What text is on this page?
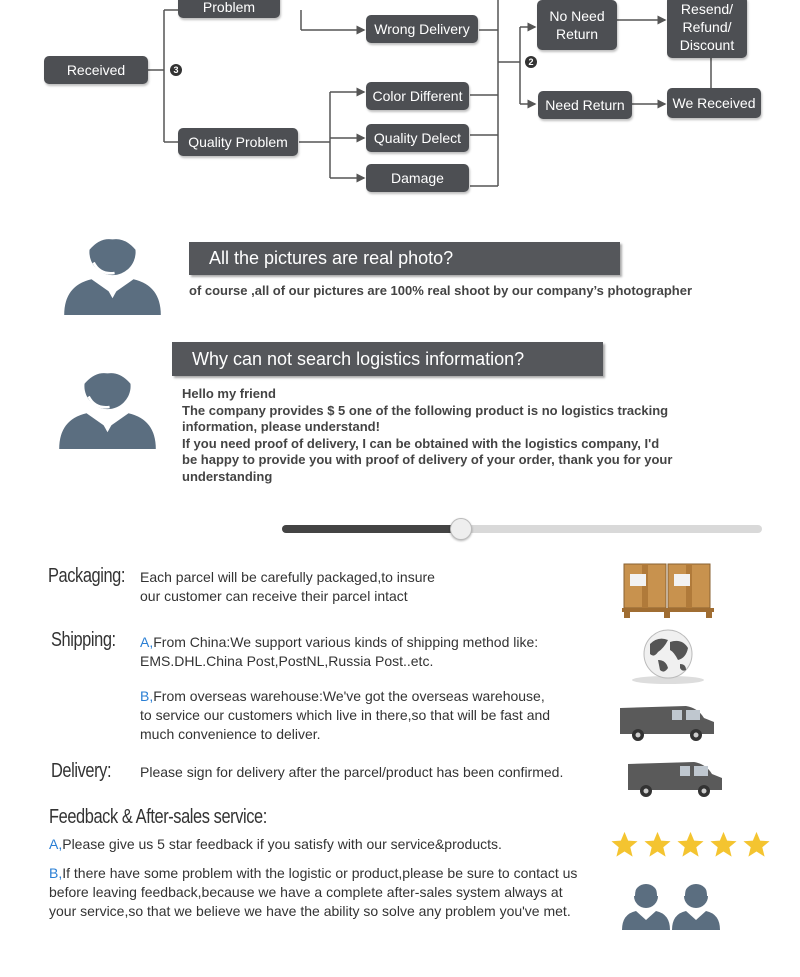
Received	3
Problem
Wrong Delivery
Quality Problem
Color Different
Quality Delect
Damage
2
No Need Return
Need Return
Resend/ Refund/ Discount
We Received
All the pictures are real photo?
of course ,all of our pictures are 100% real shoot by our company’s photographer
Why can not search logistics information?
Hello my friend
The company provides $ 5 one of the following product is no logistics tracking
information, please understand!
If you need proof of delivery, I can be obtained with the logistics company, I'd
be happy to provide you with proof of delivery of your order, thank you for your
understanding
Packaging: Each parcel will be carefully packaged,to insure
our customer can receive their parcel intact
Shipping: A,From China:We support various kinds of shipping method like:
EMS.DHL.China Post,PostNL,Russia Post..etc.
B,From overseas warehouse:We've got the overseas warehouse,
to service our customers which live in there,so that will be fast and
much convenience to deliver.
Delivery: Please sign for delivery after the parcel/product has been confirmed.
Feedback & After-sales service:
A,Please give us 5 star feedback if you satisfy with our service&products.
B,If there have some problem with the logistic or product,please be sure to contact us
before leaving feedback,because we have a complete after-sales system always at
your service,so that we believe we have the ability so solve any problem you've met.
